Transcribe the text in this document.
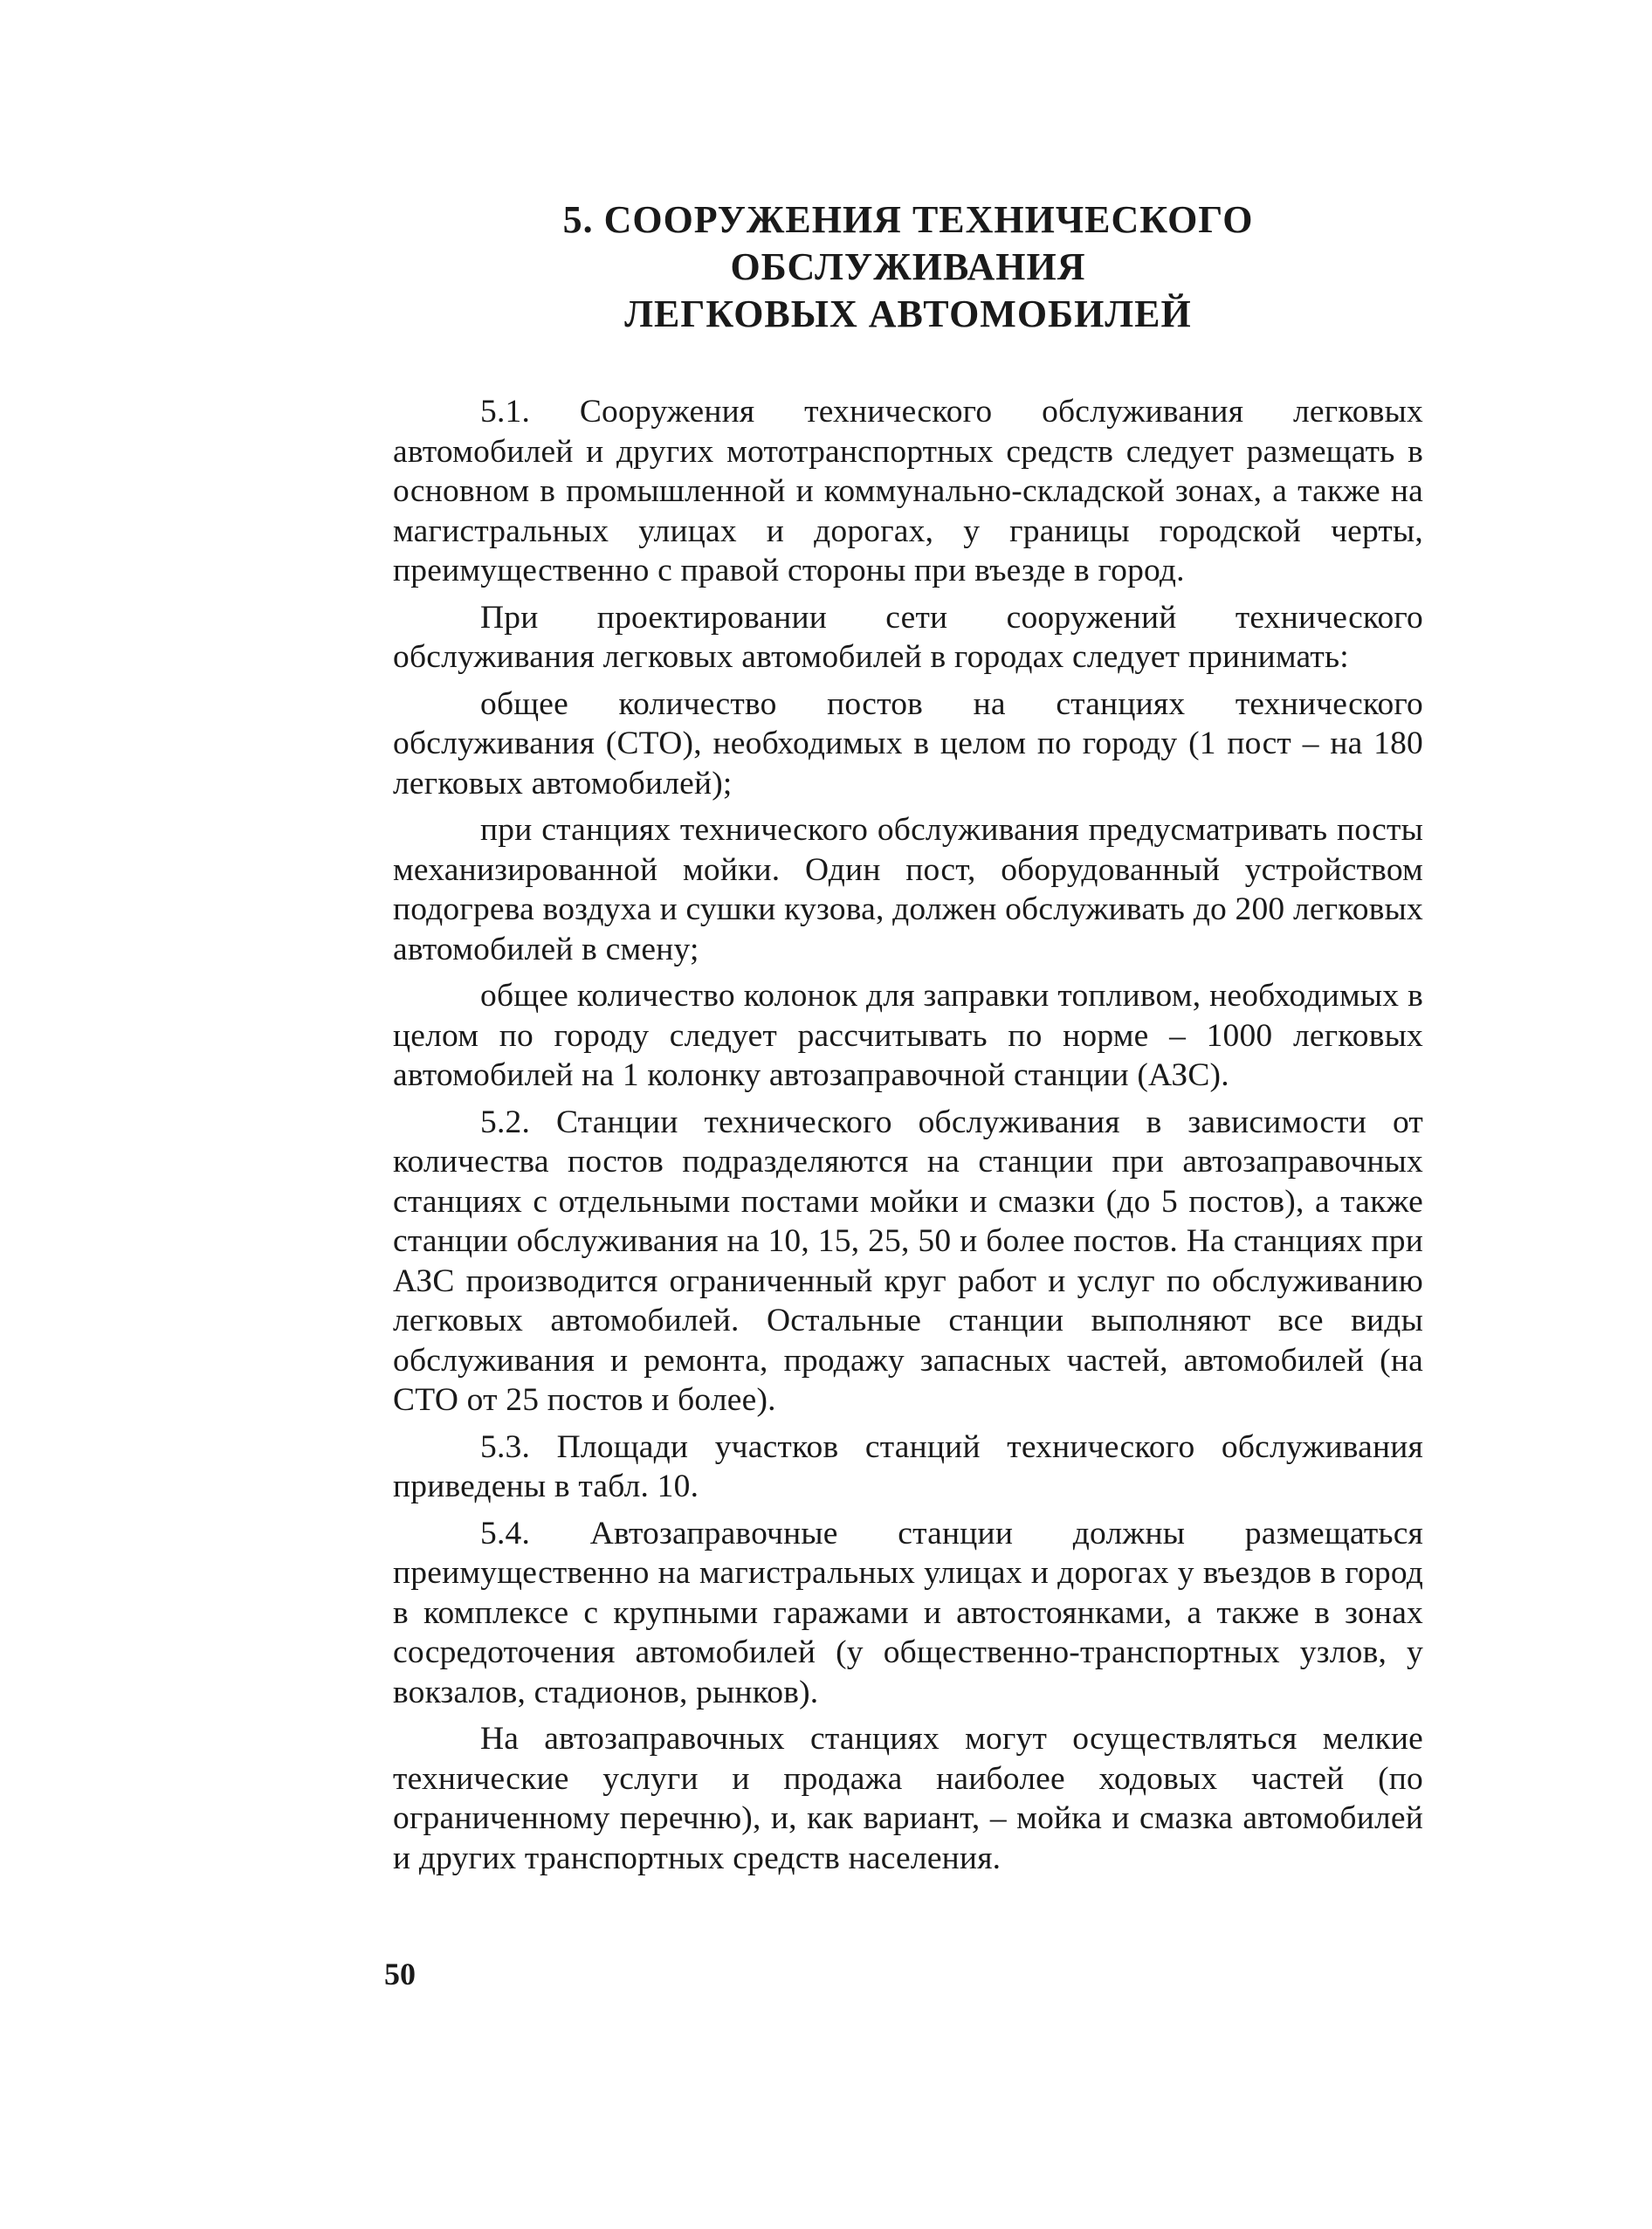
5. СООРУЖЕНИЯ ТЕХНИЧЕСКОГО ОБСЛУЖИВАНИЯ
ЛЕГКОВЫХ АВТОМОБИЛЕЙ

5.1. Сооружения технического обслуживания легковых автомобилей и других мототранспортных средств следует размещать в основном в промышленной и коммунально-складской зонах, а также на магистральных улицах и дорогах, у границы городской черты, преимущественно с правой стороны при въезде в город.

При проектировании сети сооружений технического обслуживания легковых автомобилей в городах следует принимать:

общее количество постов на станциях технического обслуживания (СТО), необходимых в целом по городу (1 пост – на 180 легковых автомобилей);

при станциях технического обслуживания предусматривать посты механизированной мойки. Один пост, оборудованный устройством подогрева воздуха и сушки кузова, должен обслуживать до 200 легковых автомобилей в смену;

общее количество колонок для заправки топливом, необходимых в целом по городу следует рассчитывать по норме – 1000 легковых автомобилей на 1 колонку автозаправочной станции (АЗС).

5.2. Станции технического обслуживания в зависимости от количества постов подразделяются на станции при автозаправочных станциях с отдельными постами мойки и смазки (до 5 постов), а также станции обслуживания на 10, 15, 25, 50 и более постов. На станциях при АЗС производится ограниченный круг работ и услуг по обслуживанию легковых автомобилей. Остальные станции выполняют все виды обслуживания и ремонта, продажу запасных частей, автомобилей (на СТО от 25 постов и более).

5.3. Площади участков станций технического обслуживания приведены в табл. 10.

5.4. Автозаправочные станции должны размещаться преимущественно на магистральных улицах и дорогах у въездов в город в комплексе с крупными гаражами и автостоянками, а также в зонах сосредоточения автомобилей (у общественно-транспортных узлов, у вокзалов, стадионов, рынков).

На автозаправочных станциях могут осуществляться мелкие технические услуги и продажа наиболее ходовых частей (по ограниченному перечню), и, как вариант, – мойка и смазка автомобилей и других транспортных средств населения.

50
